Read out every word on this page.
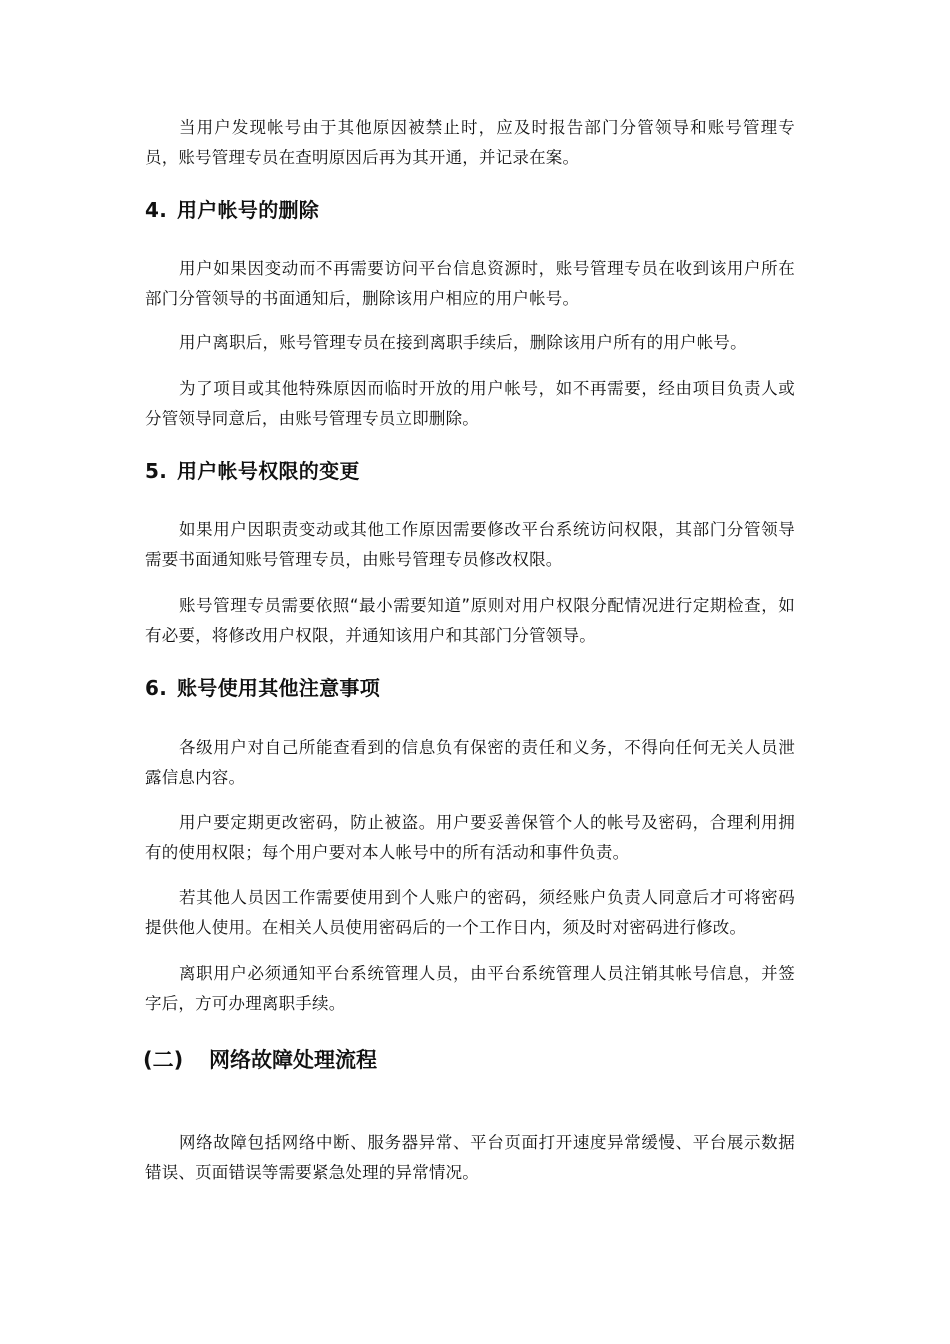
当用户发现帐号由于其他原因被禁止时，应及时报告部门分管领导和账号管理专员，账号管理专员在查明原因后再为其开通，并记录在案。

4. 用户帐号的删除

用户如果因变动而不再需要访问平台信息资源时，账号管理专员在收到该用户所在部门分管领导的书面通知后，删除该用户相应的用户帐号。

用户离职后，账号管理专员在接到离职手续后，删除该用户所有的用户帐号。

为了项目或其他特殊原因而临时开放的用户帐号，如不再需要，经由项目负责人或分管领导同意后，由账号管理专员立即删除。

5. 用户帐号权限的变更

如果用户因职责变动或其他工作原因需要修改平台系统访问权限，其部门分管领导需要书面通知账号管理专员，由账号管理专员修改权限。

账号管理专员需要依照“最小需要知道”原则对用户权限分配情况进行定期检查，如有必要，将修改用户权限，并通知该用户和其部门分管领导。

6. 账号使用其他注意事项

各级用户对自己所能查看到的信息负有保密的责任和义务，不得向任何无关人员泄露信息内容。

用户要定期更改密码，防止被盗。用户要妥善保管个人的帐号及密码，合理利用拥有的使用权限；每个用户要对本人帐号中的所有活动和事件负责。

若其他人员因工作需要使用到个人账户的密码，须经账户负责人同意后才可将密码提供他人使用。在相关人员使用密码后的一个工作日内，须及时对密码进行修改。

离职用户必须通知平台系统管理人员，由平台系统管理人员注销其帐号信息，并签字后，方可办理离职手续。

(二) 网络故障处理流程

网络故障包括网络中断、服务器异常、平台页面打开速度异常缓慢、平台展示数据错误、页面错误等需要紧急处理的异常情况。
